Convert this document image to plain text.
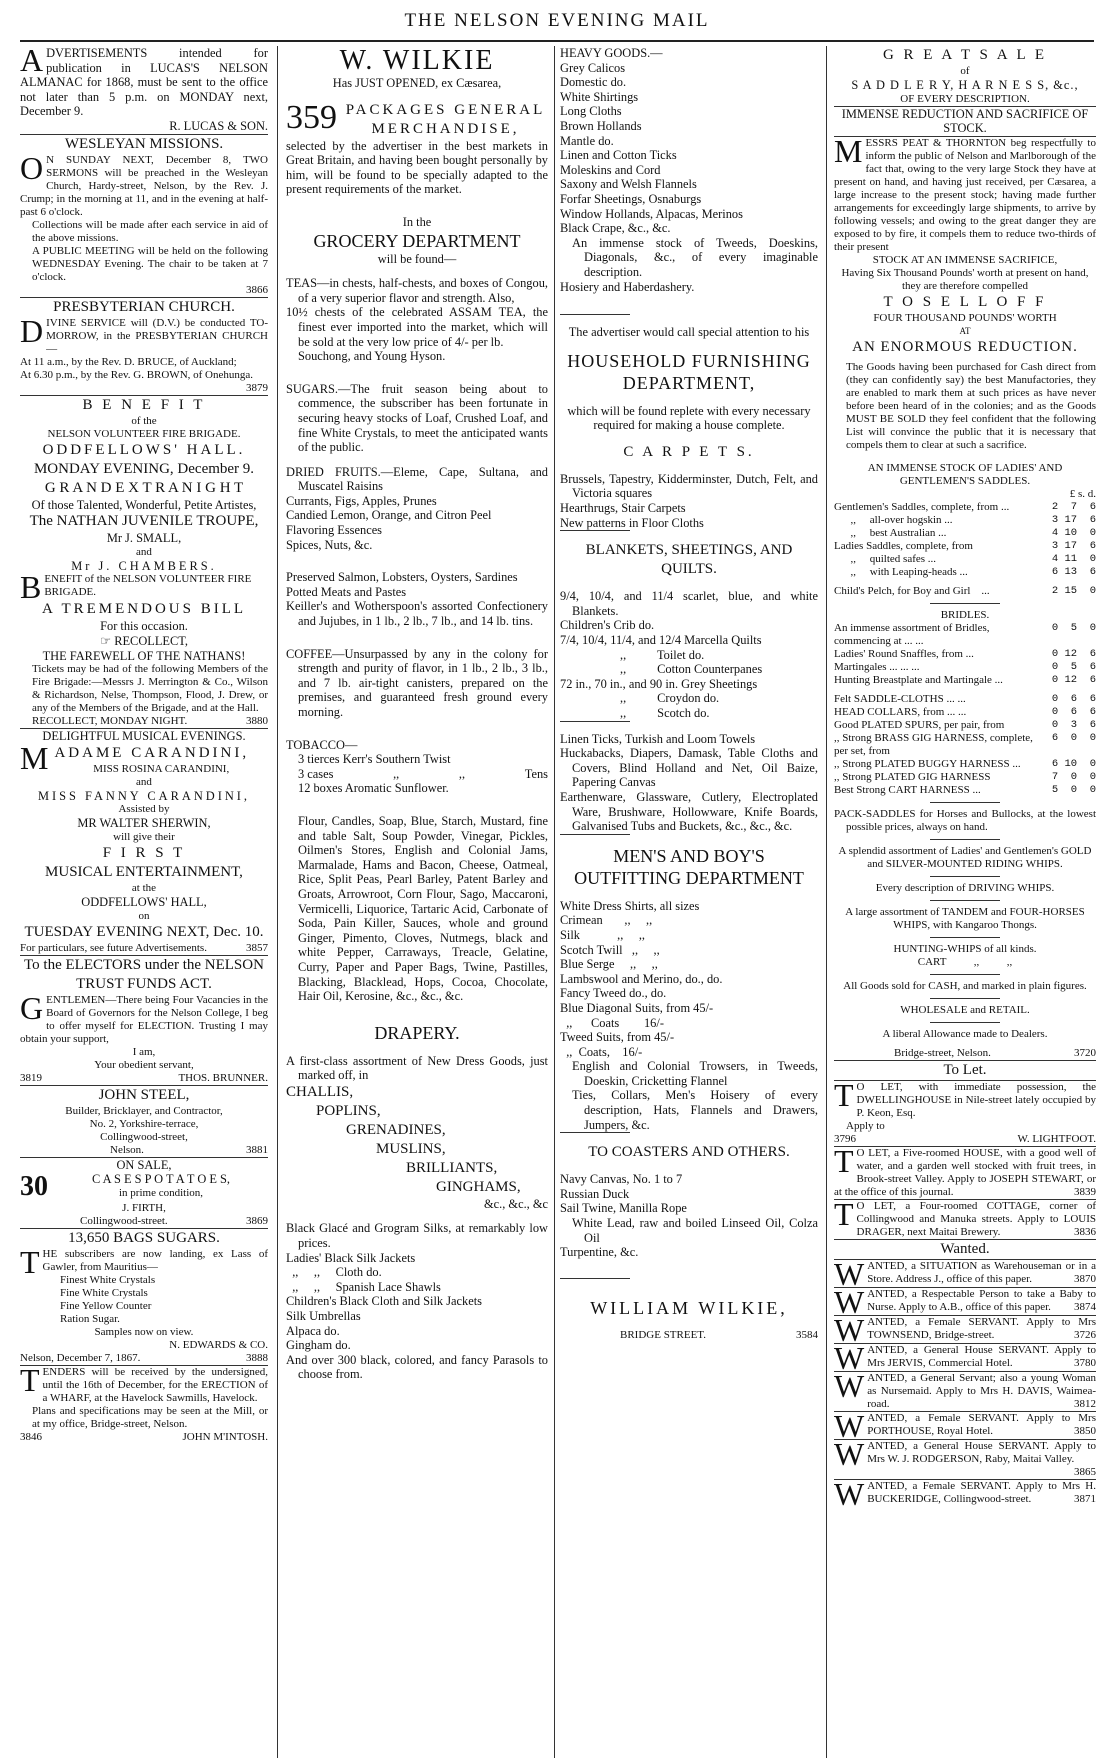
THE NELSON EVENING MAIL
ADVERTISEMENTS intended for publication in LUCAS'S NELSON ALMANAC for 1868, must be sent to the office not later than 5 p.m. on MONDAY next, December 9.
R. LUCAS & SON.
WESLEYAN MISSIONS.
O N SUNDAY NEXT, December 8, TWO SERMONS will be preached in the Wesleyan Church, Hardy-street, Nelson, by the Rev. J. Crump; in the morning at 11, and in the evening at half-past 6 o'clock.
Collections will be made after each service in aid of the above missions.
A PUBLIC MEETING will be held on the following WEDNESDAY Evening. The chair to be taken at 7 o'clock.
3866
PRESBYTERIAN CHURCH.
DIVINE SERVICE will (D.V.) be conducted TO-MORROW, in the PRESBYTERIAN CHURCH—
At 11 a.m., by the Rev. D. BRUCE, of Auckland;
At 6.30 p.m., by the Rev. G. BROWN, of Onehunga.
3879
B E N E F I T
of the
NELSON VOLUNTEER FIRE BRIGADE.
ODDFELLOWS' HALL.
MONDAY EVENING, December 9.
G R A N D E X T R A N I G H T
Of those Talented, Wonderful, Petite Artistes,
The NATHAN JUVENILE TROUPE,
Mr J. SMALL,
and
Mr J. CHAMBERS.
BENEFIT of the NELSON VOLUNTEER FIRE BRIGADE.
A TREMENDOUS BILL
For this occasion.
☞ RECOLLECT,
THE FAREWELL OF THE NATHANS!
Tickets may be had of the following Members of the Fire Brigade:—Messrs J. Merrington & Co., Wilson & Richardson, Nelse, Thompson, Flood, J. Drew, or any of the Members of the Brigade, and at the Hall.
RECOLLECT, MONDAY NIGHT.	3880
DELIGHTFUL MUSICAL EVENINGS.
MADAME CARANDINI,
MISS ROSINA CARANDINI,
and
MISS FANNY CARANDINI,
Assisted by
MR WALTER SHERWIN,
will give their
F I R S T
MUSICAL ENTERTAINMENT,
at the
ODDFELLOWS' HALL,
on
TUESDAY EVENING NEXT, Dec. 10.
For particulars, see future Advertisements.	3857
To the ELECTORS under the NELSON TRUST FUNDS ACT.
GENTLEMEN—There being Four Vacancies in the Board of Governors for the Nelson College, I beg to offer myself for ELECTION. Trusting I may obtain your support,
I am,
Your obedient servant,
3819	THOS. BRUNNER.
JOHN STEEL,
Builder, Bricklayer, and Contractor,
No. 2, Yorkshire-terrace,
Collingwood-street,
Nelson.	3881
ON SALE,
30	C A S E S P O T A T O E S,
in prime condition,
J. FIRTH,
Collingwood-street.	3869
13,650 BAGS SUGARS.
THE subscribers are now landing, ex Lass of Gawler, from Mauritius—
Finest White Crystals
Fine White Crystals
Fine Yellow Counter
Ration Sugar.
Samples now on view.
N. EDWARDS & CO.
Nelson, December 7, 1867.	3888
TENDERS will be received by the undersigned, until the 16th of December, for the ERECTION of a WHARF, at the Havelock Sawmills, Havelock.
Plans and specifications may be seen at the Mill, or at my office, Bridge-street, Nelson.
3846	JOHN M'INTOSH.
W. WILKIE
Has JUST OPENED, ex Cæsarea,
359 PACKAGES GENERAL MERCHANDISE,
selected by the advertiser in the best markets in Great Britain, and having been bought personally by him, will be found to be specially adapted to the present requirements of the market.
In the
GROCERY DEPARTMENT
will be found—
TEAS—in chests, half-chests, and boxes of Congou, of a very superior flavor and strength. Also,
10½ chests of the celebrated ASSAM TEA, the finest ever imported into the market, which will be sold at the very low price of 4/- per lb.
Souchong, and Young Hyson.
SUGARS.—The fruit season being about to commence, the subscriber has been fortunate in securing heavy stocks of Loaf, Crushed Loaf, and fine White Crystals, to meet the anticipated wants of the public.
DRIED FRUITS.—Eleme, Cape, Sultana, and Muscatel Raisins
Currants, Figs, Apples, Prunes
Candied Lemon, Orange, and Citron Peel
Flavoring Essences
Spices, Nuts, &c.
Preserved Salmon, Lobsters, Oysters, Sardines
Potted Meats and Pastes
Keiller's and Wotherspoon's assorted Confectionery and Jujubes, in 1 lb., 2 lb., 7 lb., and 14 lb. tins.
COFFEE—Unsurpassed by any in the colony for strength and purity of flavor, in 1 lb., 2 lb., 3 lb., and 7 lb. air-tight canisters, prepared on the premises, and guaranteed fresh ground every morning.
TOBACCO—
3 tierces Kerr's Southern Twist
3 cases	,,	,,	Tens
12 boxes Aromatic Sunflower.
Flour, Candles, Soap, Blue, Starch, Mustard, fine and table Salt, Soup Powder, Vinegar, Pickles, Oilmen's Stores, English and Colonial Jams, Marmalade, Hams and Bacon, Cheese, Oatmeal, Rice, Split Peas, Pearl Barley, Patent Barley and Groats, Arrowroot, Corn Flour, Sago, Maccaroni, Vermicelli, Liquorice, Tartaric Acid, Carbonate of Soda, Pain Killer, Sauces, whole and ground Ginger, Pimento, Cloves, Nutmegs, black and white Pepper, Carraways, Treacle, Gelatine, Curry, Paper and Paper Bags, Twine, Pastilles, Blacking, Blacklead, Hops, Cocoa, Chocolate, Hair Oil, Kerosine, &c., &c., &c.
DRAPERY.
A first-class assortment of New Dress Goods, just marked off, in
CHALLIS,
POPLINS,
GRENADINES,
MUSLINS,
BRILLIANTS,
GINGHAMS,
&c., &c., &c
Black Glacé and Grogram Silks, at remarkably low prices.
Ladies' Black Silk Jackets
,,     ,,     Cloth do.
,,     ,,     Spanish Lace Shawls
Children's Black Cloth and Silk Jackets
Silk Umbrellas
Alpaca do.
Gingham do.
And over 300 black, colored, and fancy Parasols to choose from.
HEAVY GOODS.—
Grey Calicos
Domestic do.
White Shirtings
Long Cloths
Brown Hollands
Mantle do.
Linen and Cotton Ticks
Moleskins and Cord
Saxony and Welsh Flannels
Forfar Sheetings, Osnaburgs
Window Hollands, Alpacas, Merinos
Black Crape, &c., &c.
An immense stock of Tweeds, Doeskins, Diagonals, &c., of every imaginable description.
Hosiery and Haberdashery.
The advertiser would call special attention to his
HOUSEHOLD FURNISHING DEPARTMENT,
which will be found replete with every necessary required for making a house complete.
C A R P E T S.
Brussels, Tapestry, Kidderminster, Dutch, Felt, and Victoria squares
Hearthrugs, Stair Carpets
New patterns in Floor Cloths
BLANKETS, SHEETINGS, AND QUILTS.
9/4, 10/4, and 11/4 scarlet, blue, and white Blankets.
Children's Crib do.
7/4, 10/4, 11/4, and 12/4 Marcella Quilts
,,          Toilet do.
,,          Cotton Counterpanes
72 in., 70 in., and 90 in. Grey Sheetings
,,          Croydon do.
,,          Scotch do.
Linen Ticks, Turkish and Loom Towels
Huckabacks, Diapers, Damask, Table Cloths and Covers, Blind Holland and Net, Oil Baize, Papering Canvas
Earthenware, Glassware, Cutlery, Electroplated Ware, Brushware, Hollowware, Knife Boards, Galvanised Tubs and Buckets, &c., &c., &c.
MEN'S AND BOY'S OUTFITTING DEPARTMENT
White Dress Shirts, all sizes
Crimean       ,,     ,,
Silk            ,,     ,,
Scotch Twill   ,,     ,,
Blue Serge     ,,     ,,
Lambswool and Merino, do., do.
Fancy Tweed do., do.
Blue Diagonal Suits, from 45/-
,,      Coats        16/-
Tweed Suits, from 45/-
,,  Coats,    16/-
English and Colonial Trowsers, in Tweeds, Doeskin, Cricketting Flannel
Ties, Collars, Men's Hoisery of every description, Hats, Flannels and Drawers, Jumpers, &c.
TO COASTERS AND OTHERS.
Navy Canvas, No. 1 to 7
Russian Duck
Sail Twine, Manilla Rope
White Lead, raw and boiled Linseed Oil, Colza Oil
Turpentine, &c.
WILLIAM WILKIE,
BRIDGE STREET.	3584
G R E A T S A L E
of
S A D D L E R Y, H A R N E S S, &c.,
OF EVERY DESCRIPTION.
IMMENSE REDUCTION AND SACRIFICE OF STOCK.
MESSRS PEAT & THORNTON beg respectfully to inform the public of Nelson and Marlborough of the fact that, owing to the very large Stock they have at present on hand, and having just received, per Cæsarea, a large increase to the present stock; having made further arrangements for exceedingly large shipments, to arrive by following vessels; and owing to the great danger they are exposed to by fire, it compels them to reduce two-thirds of their present
STOCK AT AN IMMENSE SACRIFICE,
Having Six Thousand Pounds' worth at present on hand, they are therefore compelled
T O S E L L O F F
FOUR THOUSAND POUNDS' WORTH
AT
AN ENORMOUS REDUCTION.
The Goods having been purchased for Cash direct from (they can confidently say) the best Manufactories, they are enabled to mark them at such prices as have never before been heard of in the colonies; and as the Goods MUST BE SOLD they feel confident that the following List will convince the public that it is necessary that compels them to clear at such a sacrifice.
AN IMMENSE STOCK OF LADIES' AND GENTLEMEN'S SADDLES.
£ s. d.
Gentlemen's Saddles, complete, from ...	2  7  6
,,     all-over hogskin ...	3 17  6
,,     best Australian ...	4 10  0
Ladies Saddles, complete, from	3 17  6
,,     quilted safes ...	4 11  0
,,     with Leaping-heads ...	6 13  6
Child's Pelch, for Boy and Girl    ...	2 15  0
BRIDLES.
An immense assortment of Bridles, commencing at ... ...
0  5  0
Ladies' Round Snaffles, from ...	0 12  6
Martingales ... ... ...	0  5  6
Hunting Breastplate and Martingale ...	0 12  6
Felt SADDLE-CLOTHS ... ...	0  6  6
HEAD COLLARS, from ... ...	0  6  6
Good PLATED SPURS, per pair, from	0  3  6
,, Strong BRASS GIG HARNESS, complete, per set, from
6  0  0
,, Strong PLATED BUGGY HARNESS ...	6 10  0
,, Strong PLATED GIG HARNESS	7  0  0
Best Strong CART HARNESS ...	5  0  0
PACK-SADDLES for Horses and Bullocks, at the lowest possible prices, always on hand.
A splendid assortment of Ladies' and Gentlemen's GOLD and SILVER-MOUNTED RIDING WHIPS.
Every description of DRIVING WHIPS.
A large assortment of TANDEM and FOUR-HORSES WHIPS, with Kangaroo Thongs.
HUNTING-WHIPS of all kinds.
CART          ,,          ,,
All Goods sold for CASH, and marked in plain figures.
WHOLESALE and RETAIL.
A liberal Allowance made to Dealers.
Bridge-street, Nelson.	3720
To Let.
T O LET, with immediate possession, the DWELLINGHOUSE in Nile-street lately occupied by P. Keon, Esq.
Apply to
3796	W. LIGHTFOOT.
T O LET, a Five-roomed HOUSE, with a good well of water, and a garden well stocked with fruit trees, in Brook-street Valley. Apply to JOSEPH STEWART, or at the office of this journal.	3839
T O LET, a Four-roomed COTTAGE, corner of Collingwood and Manuka streets. Apply to LOUIS DRAGER, next Maitai Brewery.	3836
Wanted.
WANTED, a SITUATION as Warehouseman or in a Store. Address J., office of this paper.	3870
WANTED, a Respectable Person to take a Baby to Nurse. Apply to A.B., office of this paper. 3874
WANTED, a Female SERVANT. Apply to Mrs TOWNSEND, Bridge-street.	3726
WANTED, a General House SERVANT. Apply to Mrs JERVIS, Commercial Hotel.	3780
WANTED, a General Servant; also a young Woman as Nursemaid. Apply to Mrs H. DAVIS, Waimea-road.	3812
WANTED, a Female SERVANT. Apply to Mrs PORTHOUSE, Royal Hotel.	3850
WANTED, a General House SERVANT. Apply to Mrs W. J. RODGERSON, Raby, Maitai Valley.
3865
WANTED, a Female SERVANT. Apply to Mrs H. BUCKERIDGE, Collingwood-street.	3871
